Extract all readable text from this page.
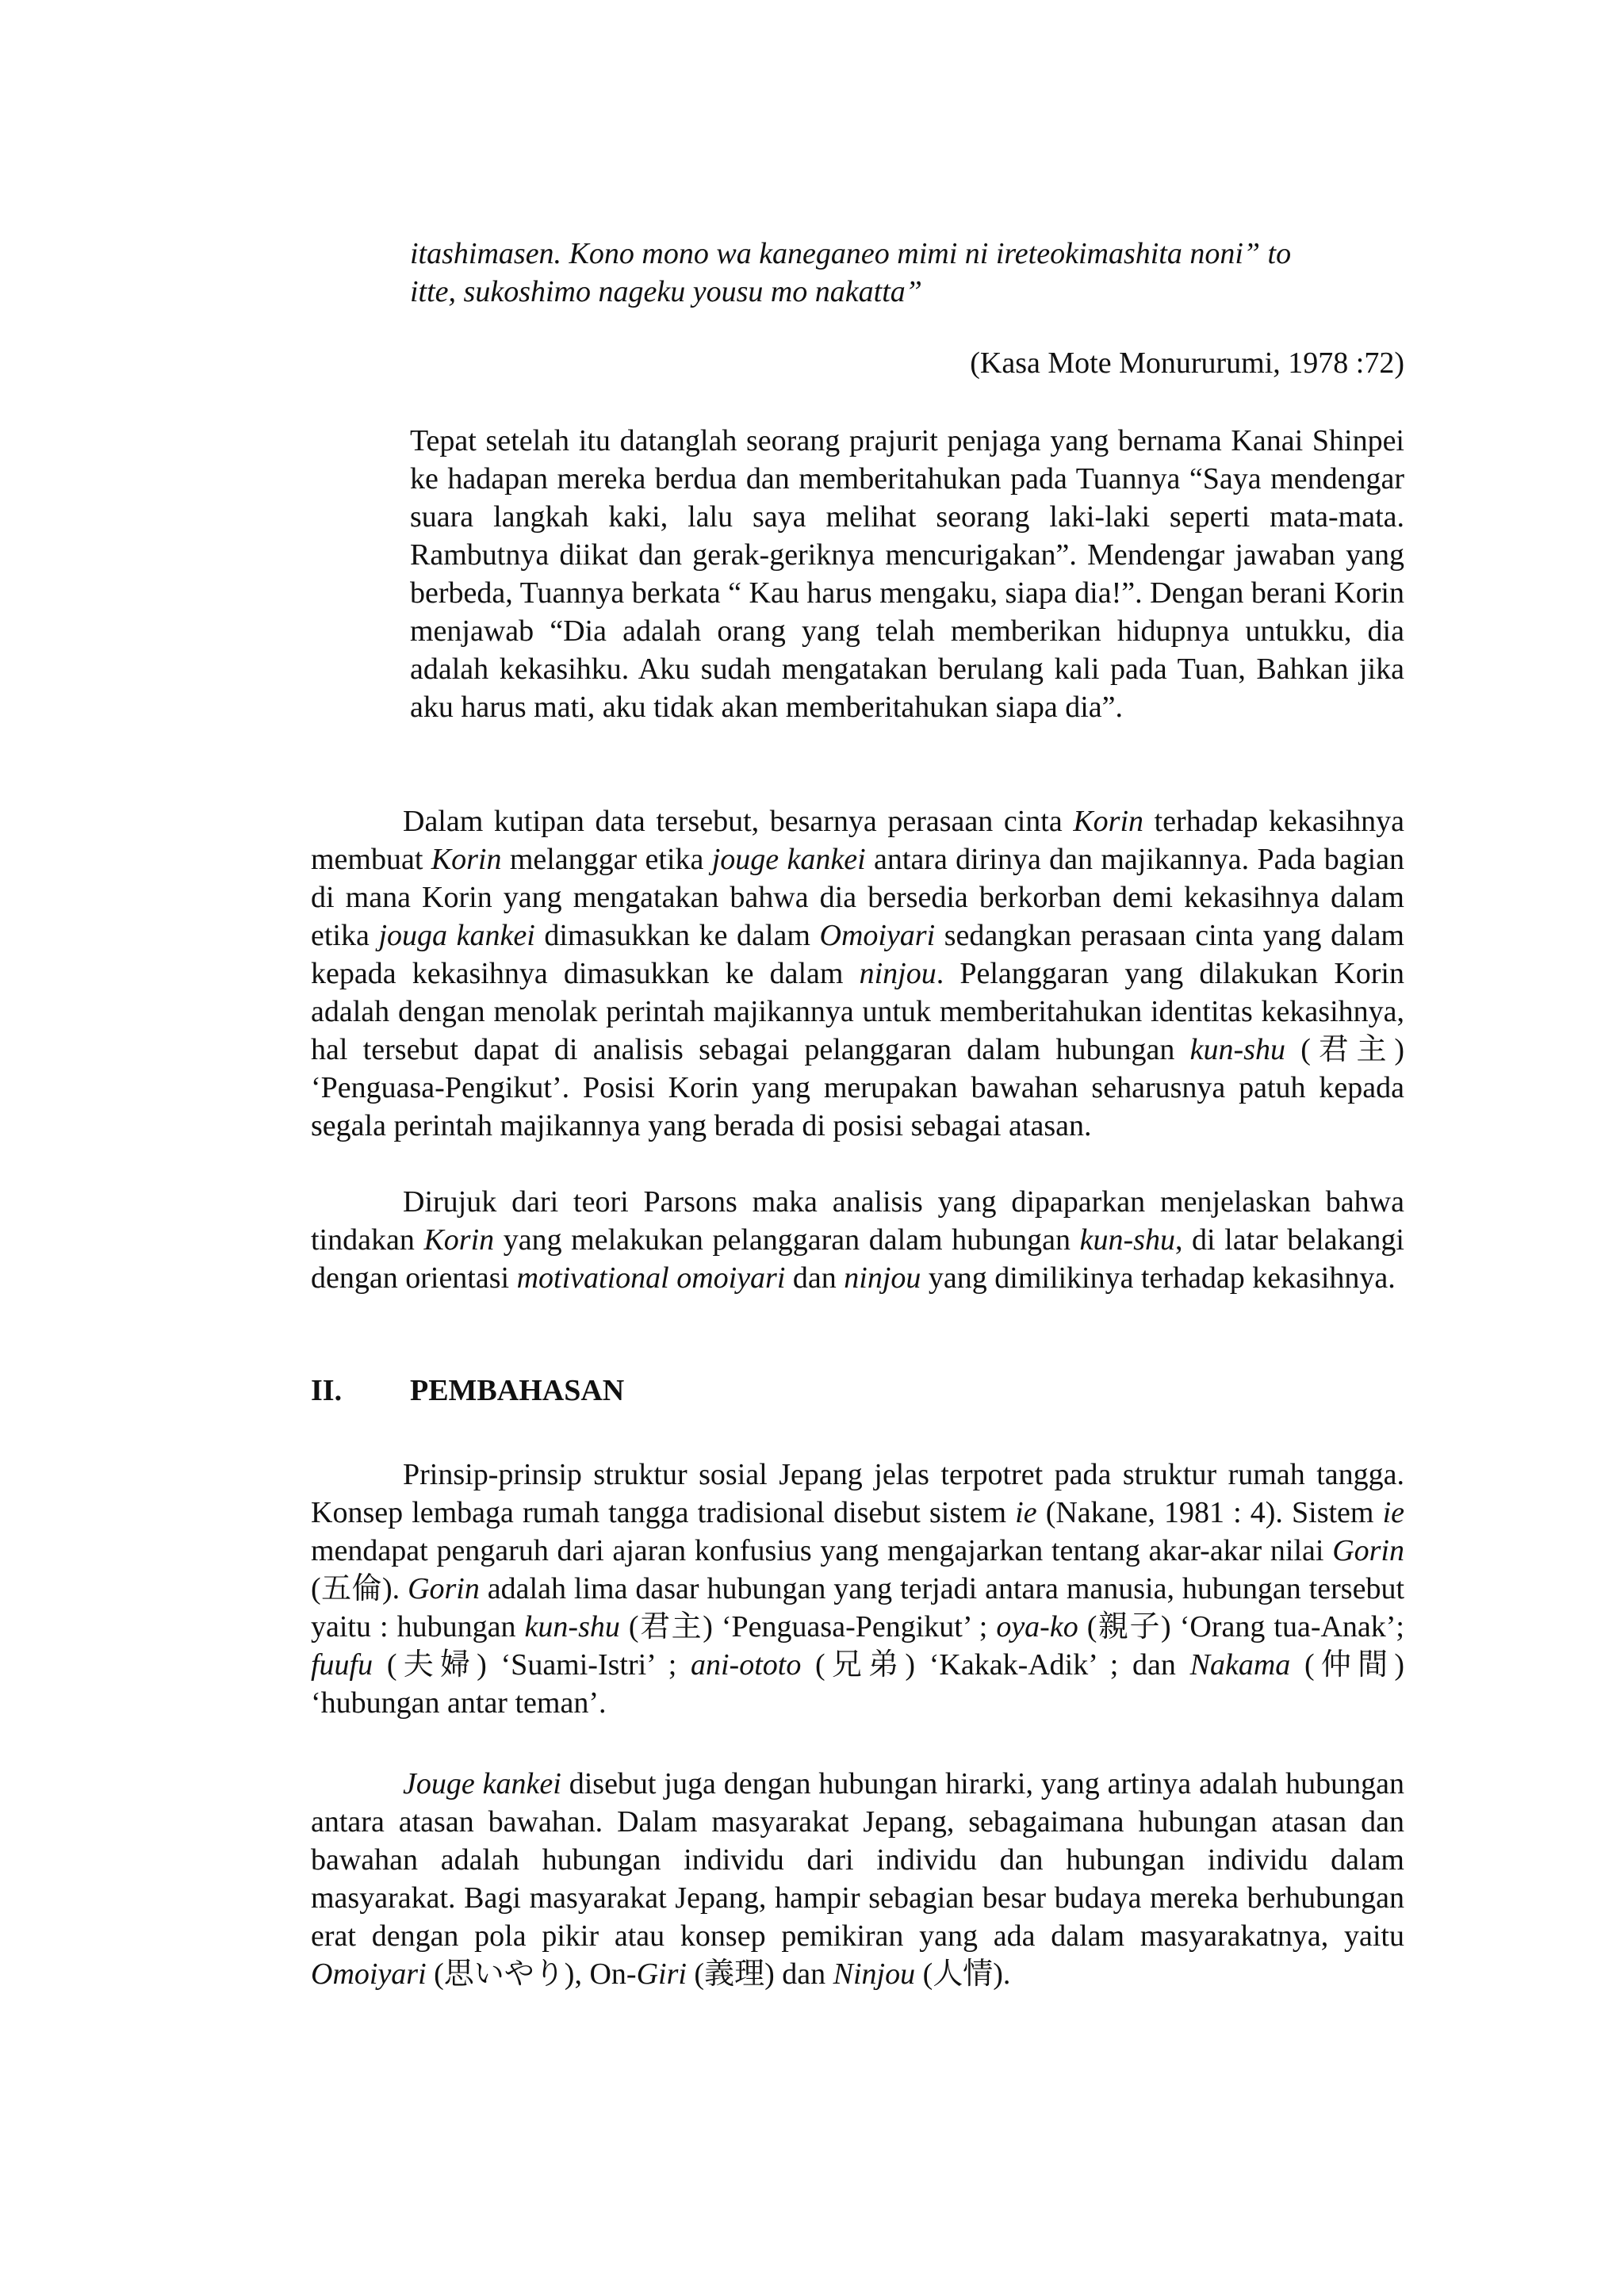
itashimasen. Kono mono wa kaneganeo mimi ni ireteokimashita noni” to
itte, sukoshimo nageku yousu mo nakatta”

(Kasa Mote Monururumi, 1978 :72)

Tepat setelah itu datanglah seorang prajurit penjaga yang bernama Kanai Shinpei ke hadapan mereka berdua dan memberitahukan pada Tuannya “Saya mendengar suara langkah kaki, lalu saya melihat seorang laki-laki seperti mata-mata. Rambutnya diikat dan gerak-geriknya mencurigakan”. Mendengar jawaban yang berbeda, Tuannya berkata “ Kau harus mengaku, siapa dia!”. Dengan berani Korin menjawab “Dia adalah orang yang telah memberikan hidupnya untukku, dia adalah kekasihku. Aku sudah mengatakan berulang kali pada Tuan, Bahkan jika aku harus mati, aku tidak akan memberitahukan siapa dia”.

Dalam kutipan data tersebut, besarnya perasaan cinta Korin terhadap kekasihnya membuat Korin melanggar etika jouge kankei antara dirinya dan majikannya. Pada bagian di mana Korin yang mengatakan bahwa dia bersedia berkorban demi kekasihnya dalam etika jouga kankei dimasukkan ke dalam Omoiyari sedangkan perasaan cinta yang dalam kepada kekasihnya dimasukkan ke dalam ninjou. Pelanggaran yang dilakukan Korin adalah dengan menolak perintah majikannya untuk memberitahukan identitas kekasihnya, hal tersebut dapat di analisis sebagai pelanggaran dalam hubungan kun-shu (君主) ‘Penguasa-Pengikut’. Posisi Korin yang merupakan bawahan seharusnya patuh kepada segala perintah majikannya yang berada di posisi sebagai atasan.

Dirujuk dari teori Parsons maka analisis yang dipaparkan menjelaskan bahwa tindakan Korin yang melakukan pelanggaran dalam hubungan kun-shu, di latar belakangi dengan orientasi motivational omoiyari dan ninjou yang dimilikinya terhadap kekasihnya.

II. PEMBAHASAN

Prinsip-prinsip struktur sosial Jepang jelas terpotret pada struktur rumah tangga. Konsep lembaga rumah tangga tradisional disebut sistem ie (Nakane, 1981 : 4). Sistem ie mendapat pengaruh dari ajaran konfusius yang mengajarkan tentang akar-akar nilai Gorin (五倫). Gorin adalah lima dasar hubungan yang terjadi antara manusia, hubungan tersebut yaitu : hubungan kun-shu (君主) ‘Penguasa-Pengikut’ ; oya-ko (親子) ‘Orang tua-Anak’; fuufu (夫婦) ‘Suami-Istri’ ; ani-ototo (兄弟) ‘Kakak-Adik’ ; dan Nakama (仲間) ‘hubungan antar teman’.

Jouge kankei disebut juga dengan hubungan hirarki, yang artinya adalah hubungan antara atasan bawahan. Dalam masyarakat Jepang, sebagaimana hubungan atasan dan bawahan adalah hubungan individu dari individu dan hubungan individu dalam masyarakat. Bagi masyarakat Jepang, hampir sebagian besar budaya mereka berhubungan erat dengan pola pikir atau konsep pemikiran yang ada dalam masyarakatnya, yaitu Omoiyari (思いやり), On-Giri (義理) dan Ninjou (人情).
